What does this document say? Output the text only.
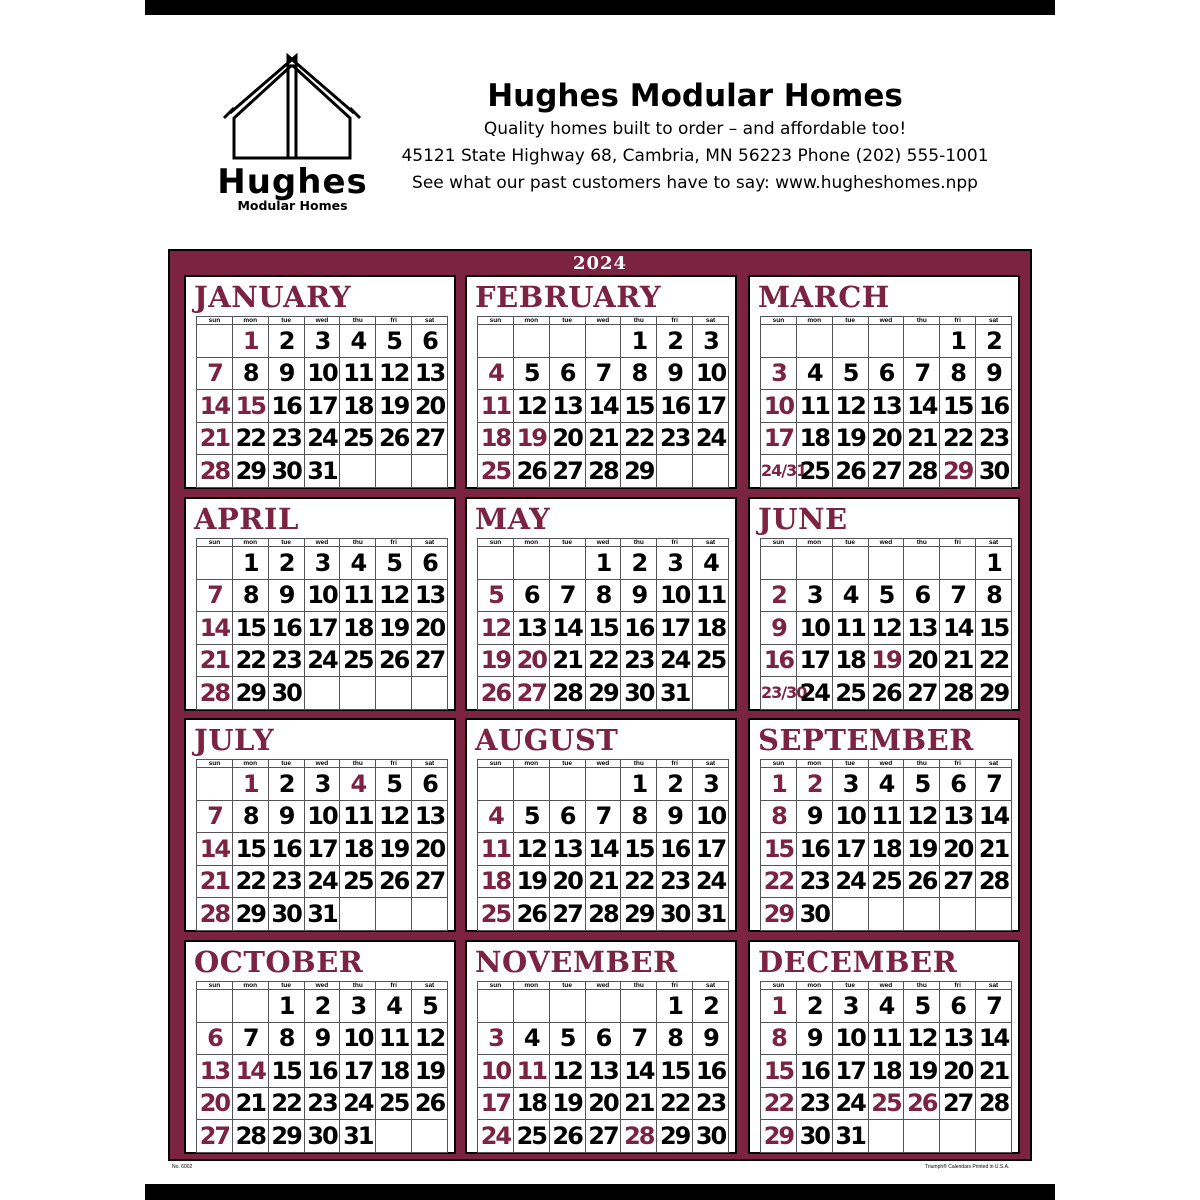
Hughes
Modular Homes
Hughes Modular Homes
Quality homes built to order – and affordable too!
45121 State Highway 68, Cambria, MN 56223 Phone (202) 555-1001
See what our past customers have to say: www.hugheshomes.npp
2024
JANUARY
sun	mon	tue	wed	thu	fri	sat
	1	2	3	4	5	6
7	8	9	10	11	12	13
14	15	16	17	18	19	20
21	22	23	24	25	26	27
28	29	30	31			
FEBRUARY
sun	mon	tue	wed	thu	fri	sat
				1	2	3
4	5	6	7	8	9	10
11	12	13	14	15	16	17
18	19	20	21	22	23	24
25	26	27	28	29		
MARCH
sun	mon	tue	wed	thu	fri	sat
					1	2
3	4	5	6	7	8	9
10	11	12	13	14	15	16
17	18	19	20	21	22	23
24/31	25	26	27	28	29	30
APRIL
sun	mon	tue	wed	thu	fri	sat
	1	2	3	4	5	6
7	8	9	10	11	12	13
14	15	16	17	18	19	20
21	22	23	24	25	26	27
28	29	30				
MAY
sun	mon	tue	wed	thu	fri	sat
			1	2	3	4
5	6	7	8	9	10	11
12	13	14	15	16	17	18
19	20	21	22	23	24	25
26	27	28	29	30	31	
JUNE
sun	mon	tue	wed	thu	fri	sat
						1
2	3	4	5	6	7	8
9	10	11	12	13	14	15
16	17	18	19	20	21	22
23/30	24	25	26	27	28	29
JULY
sun	mon	tue	wed	thu	fri	sat
	1	2	3	4	5	6
7	8	9	10	11	12	13
14	15	16	17	18	19	20
21	22	23	24	25	26	27
28	29	30	31			
AUGUST
sun	mon	tue	wed	thu	fri	sat
				1	2	3
4	5	6	7	8	9	10
11	12	13	14	15	16	17
18	19	20	21	22	23	24
25	26	27	28	29	30	31
SEPTEMBER
sun	mon	tue	wed	thu	fri	sat
1	2	3	4	5	6	7
8	9	10	11	12	13	14
15	16	17	18	19	20	21
22	23	24	25	26	27	28
29	30					
OCTOBER
sun	mon	tue	wed	thu	fri	sat
		1	2	3	4	5
6	7	8	9	10	11	12
13	14	15	16	17	18	19
20	21	22	23	24	25	26
27	28	29	30	31		
NOVEMBER
sun	mon	tue	wed	thu	fri	sat
					1	2
3	4	5	6	7	8	9
10	11	12	13	14	15	16
17	18	19	20	21	22	23
24	25	26	27	28	29	30
DECEMBER
sun	mon	tue	wed	thu	fri	sat
1	2	3	4	5	6	7
8	9	10	11	12	13	14
15	16	17	18	19	20	21
22	23	24	25	26	27	28
29	30	31				
No. 6002	Triumph® Calendars Printed in U.S.A.
